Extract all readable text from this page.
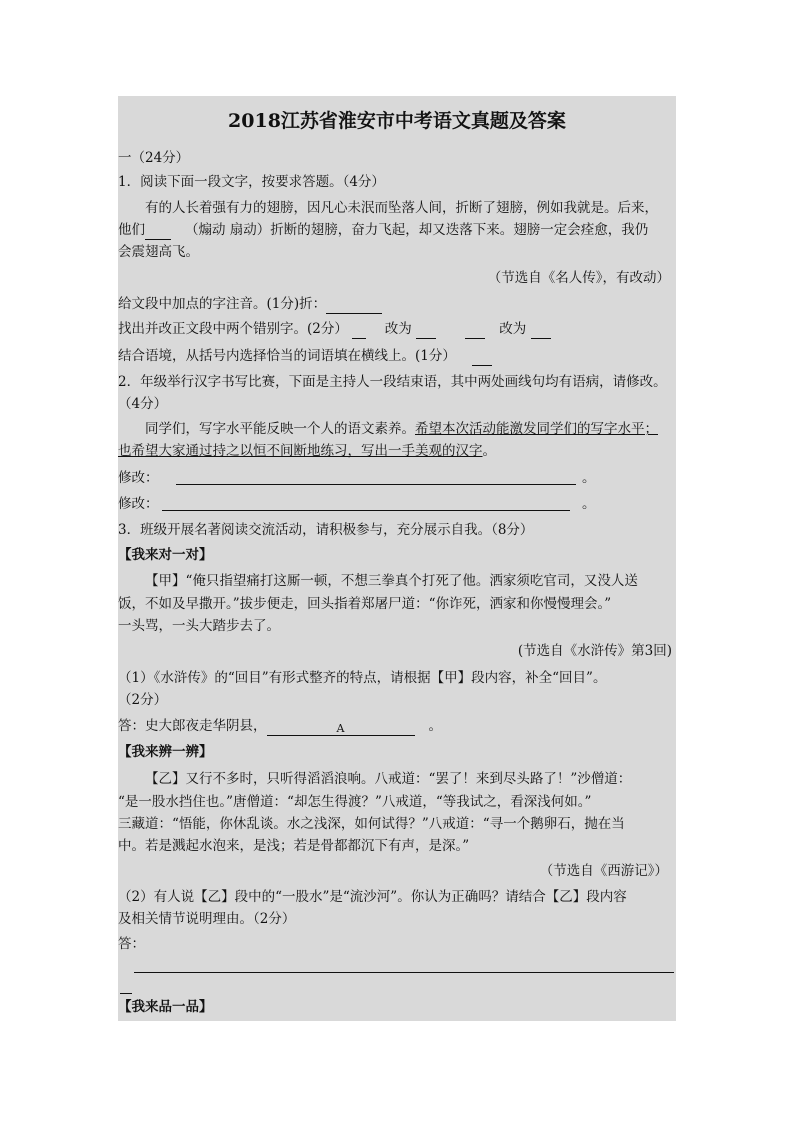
2018江苏省淮安市中考语文真题及答案
一（24分）
1．阅读下面一段文字，按要求答题。（4分）
有的人长着强有力的翅膀，因凡心未泯而坠落人间，折断了翅膀，例如我就是。后来，
他们	（煽动 扇动）折断的翅膀，奋力飞起，却又迭落下来。翅膀一定会痊愈，我仍
会震翅高飞。
（节选自《名人传》，有改动）
给文段中加点的字注音。(1分)折：
找出并改正文段中两个错别字。(2分）	改为	改为
结合语境，从括号内选择恰当的词语填在横线上。(1分）
2．年级举行汉字书写比赛，下面是主持人一段结束语，其中两处画线句均有语病，请修改。
（4分）
同学们，写字水平能反映一个人的语文素养。希望本次活动能激发同学们的写字水平；
也希望大家通过持之以恒不间断地练习，写出一手美观的汉字。
修改：	。
修改：	。
3．班级开展名著阅读交流活动，请积极参与，充分展示自我。（8分）
【我来对一对】
【甲】“俺只指望痛打这厮一顿，不想三拳真个打死了他。洒家须吃官司，又没人送
饭，不如及早撒开。”拔步便走，回头指着郑屠尸道：“你诈死，洒家和你慢慢理会。”
一头骂，一头大踏步去了。
(节选自《水浒传》第3回)
（1）《水浒传》的“回目”有形式整齐的特点，请根据【甲】段内容，补全“回目”。
（2分）
答：史大郎夜走华阴县，	A	。
【我来辨一辨】
【乙】又行不多时，只听得滔滔浪响。八戒道：“罢了！来到尽头路了！”沙僧道：
“是一股水挡住也。”唐僧道：“却怎生得渡？”八戒道，“等我试之，看深浅何如。”
三藏道：“悟能，你休乱谈。水之浅深，如何试得？”八戒道：“寻一个鹅卵石，抛在当
中。若是溅起水泡来，是浅；若是骨都都沉下有声，是深。”
（节选自《西游记》）
（2）有人说【乙】段中的“一股水”是“流沙河”。你认为正确吗？请结合【乙】段内容
及相关情节说明理由。（2分）
答：
【我来品一品】
